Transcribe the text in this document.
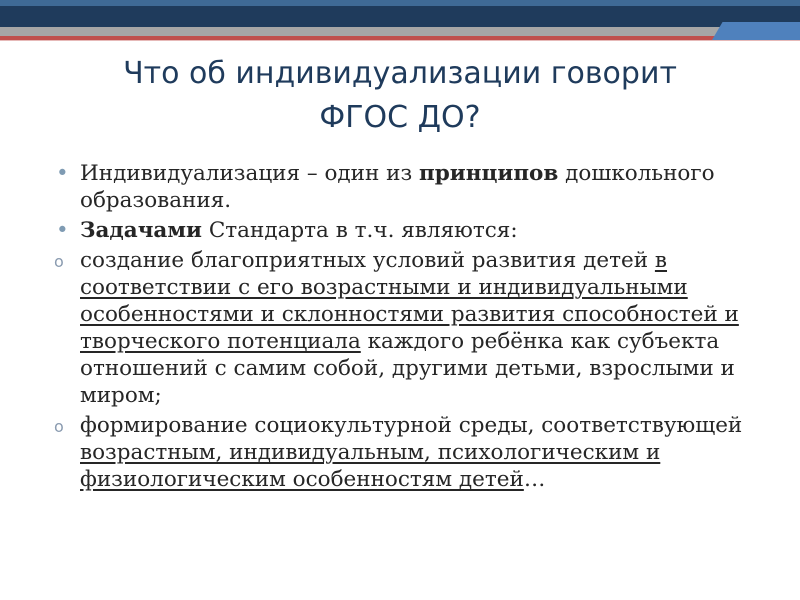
Что об индивидуализации говорит
ФГОС ДО?
• Индивидуализация – один из принципов дошкольного образования.
• Задачами Стандарта в т.ч. являются:
o создание благоприятных условий развития детей в соответствии с его возрастными и индивидуальными особенностями и склонностями развития способностей и творческого потенциала каждого ребёнка как субъекта отношений с самим собой, другими детьми, взрослыми и миром;
o формирование социокультурной среды, соответствующей возрастным, индивидуальным, психологическим и физиологическим особенностям детей…
